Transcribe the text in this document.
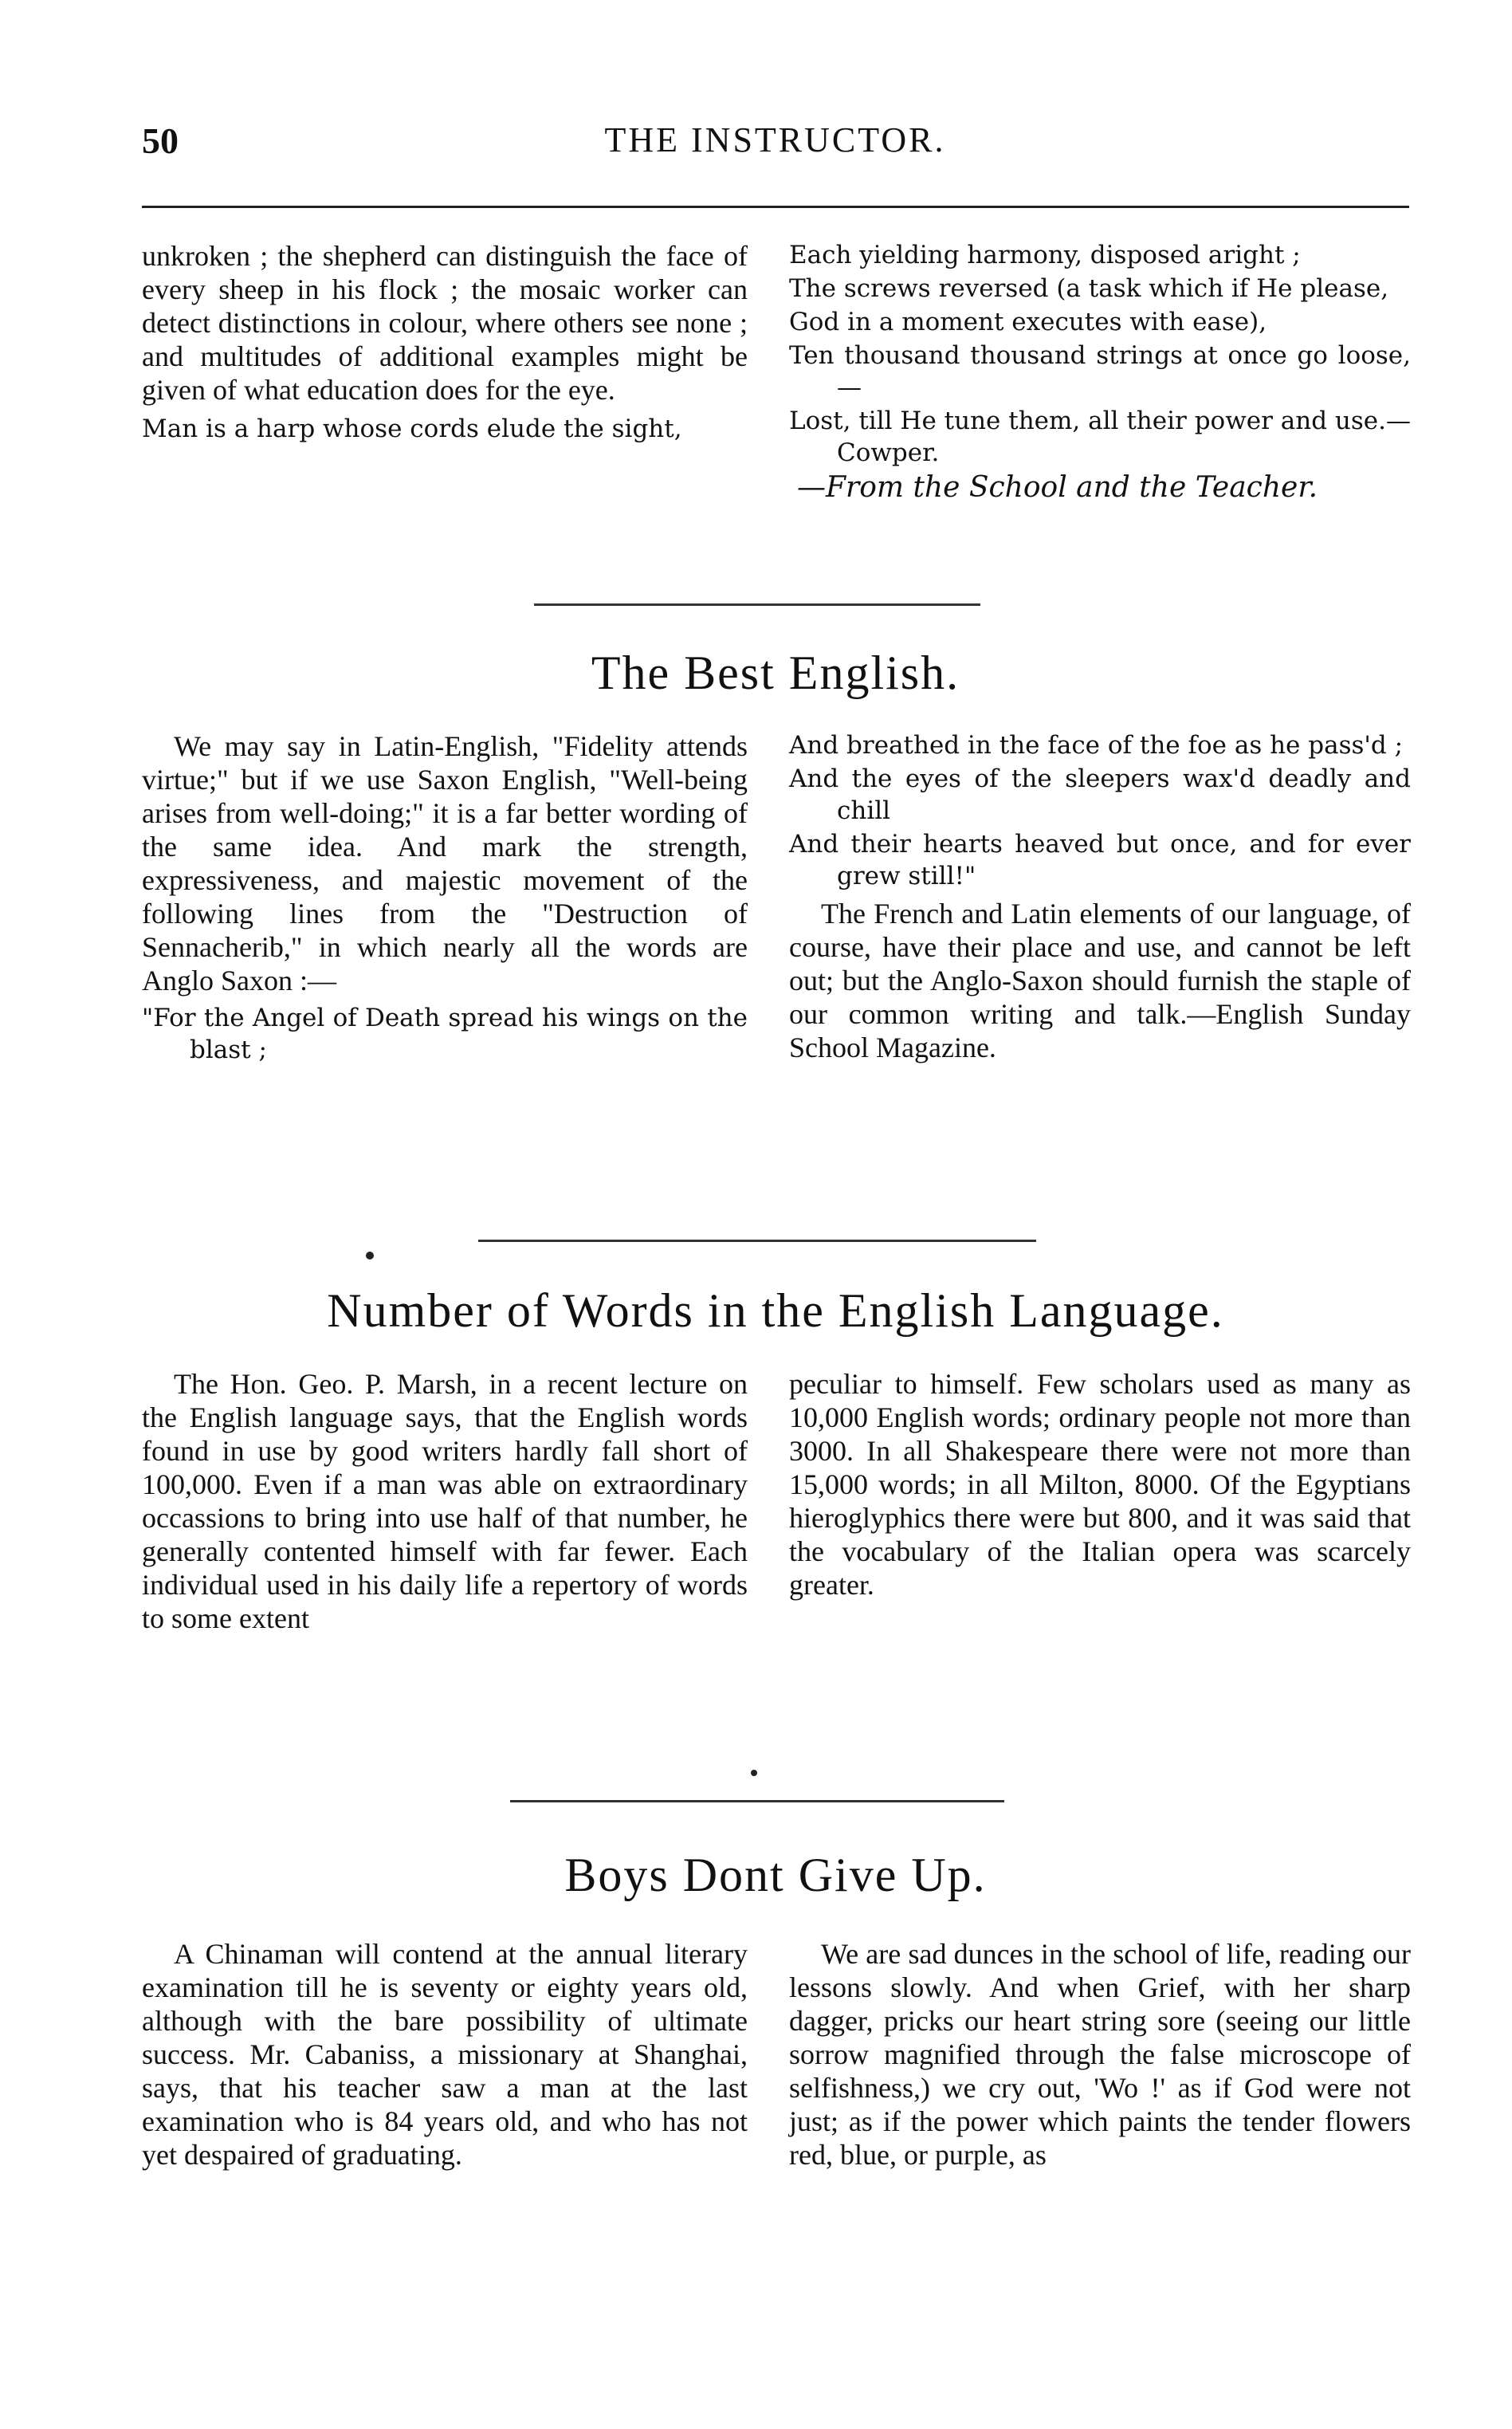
50	THE INSTRUCTOR.

unkroken ; the shepherd can distinguish the face of every sheep in his flock ; the mosaic worker can detect distinctions in colour, where others see none ; and multitudes of additional examples might be given of what education does for the eye.

Man is a harp whose cords elude the sight,

Each yielding harmony, disposed aright ;

The screws reversed (a task which if He please,

God in a moment executes with ease),

Ten thousand thousand strings at once go loose,—

Lost, till He tune them, all their power and use.—Cowper.

—From the School and the Teacher.

The Best English.

We may say in Latin-English, "Fidelity attends virtue;" but if we use Saxon English, "Well-being arises from well-doing;" it is a far better wording of the same idea. And mark the strength, expressiveness, and majestic movement of the following lines from the "Destruction of Sennacherib," in which nearly all the words are Anglo Saxon :—

"For the Angel of Death spread his wings on the blast ;

And breathed in the face of the foe as he pass'd ;

And the eyes of the sleepers wax'd deadly and chill

And their hearts heaved but once, and for ever grew still!"

The French and Latin elements of our language, of course, have their place and use, and cannot be left out; but the Anglo-Saxon should furnish the staple of our common writing and talk.—English Sunday School Magazine.

Number of Words in the English Language.

The Hon. Geo. P. Marsh, in a recent lecture on the English language says, that the English words found in use by good writers hardly fall short of 100,000. Even if a man was able on extraordinary occassions to bring into use half of that number, he generally contented himself with far fewer. Each individual used in his daily life a repertory of words to some extent

peculiar to himself. Few scholars used as many as 10,000 English words; ordinary people not more than 3000. In all Shakespeare there were not more than 15,000 words; in all Milton, 8000. Of the Egyptians hieroglyphics there were but 800, and it was said that the vocabulary of the Italian opera was scarcely greater.

Boys Dont Give Up.

A Chinaman will contend at the annual literary examination till he is seventy or eighty years old, although with the bare possibility of ultimate success. Mr. Cabaniss, a missionary at Shanghai, says, that his teacher saw a man at the last examination who is 84 years old, and who has not yet despaired of graduating.

We are sad dunces in the school of life, reading our lessons slowly. And when Grief, with her sharp dagger, pricks our heart string sore (seeing our little sorrow magnified through the false microscope of selfishness,) we cry out, 'Wo !' as if God were not just; as if the power which paints the tender flowers red, blue, or purple, as
